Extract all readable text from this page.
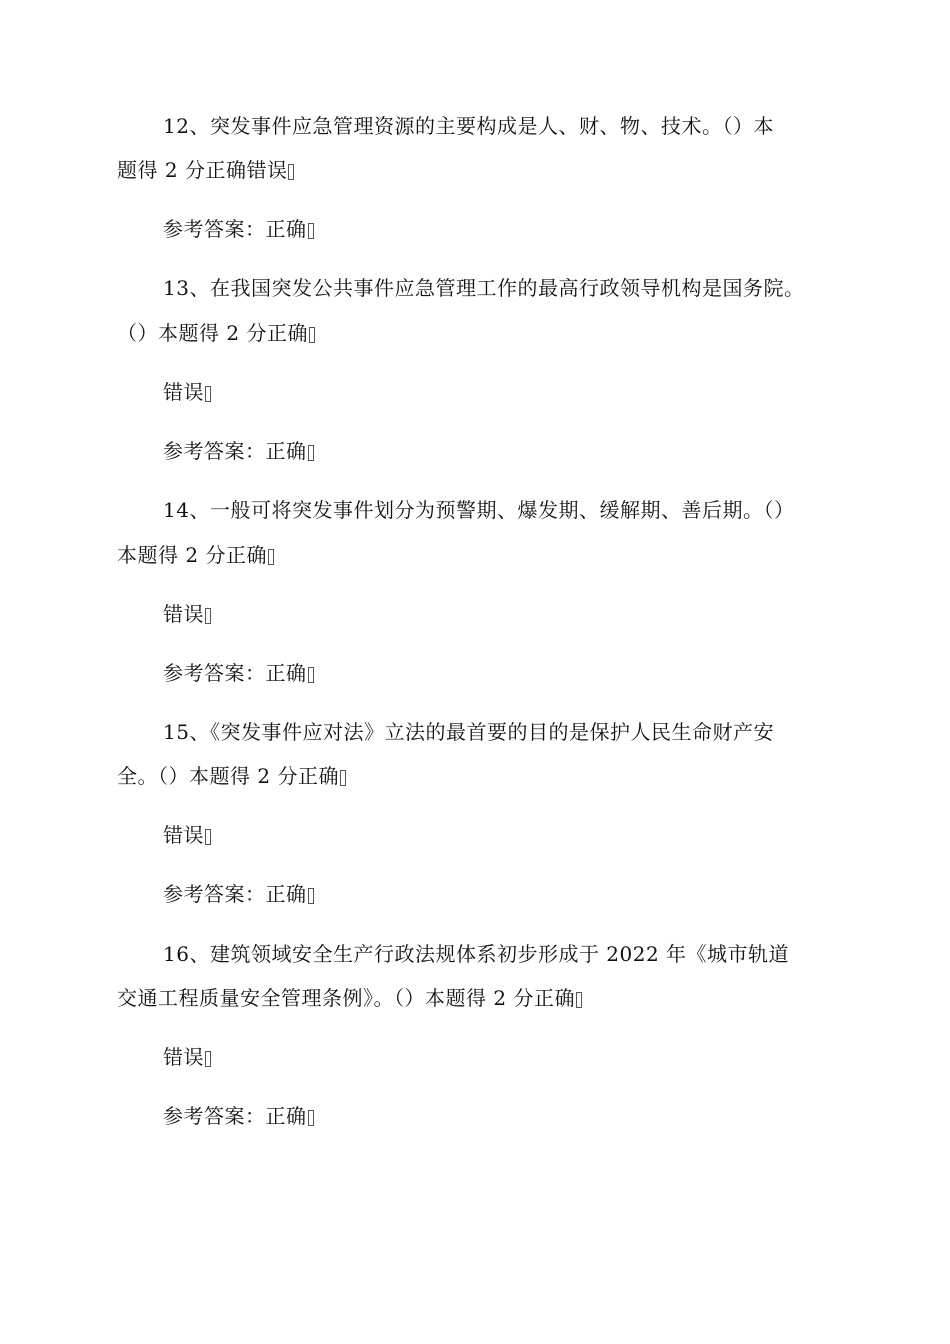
12、突发事件应急管理资源的主要构成是人、财、物、技术。（）本
题得 2 分正确错误
参考答案：正确
13、在我国突发公共事件应急管理工作的最高行政领导机构是国务院。
（）本题得 2 分正确
错误
参考答案：正确
14、一般可将突发事件划分为预警期、爆发期、缓解期、善后期。（）
本题得 2 分正确
错误
参考答案：正确
15、《突发事件应对法》立法的最首要的目的是保护人民生命财产安
全。（）本题得 2 分正确
错误
参考答案：正确
16、建筑领域安全生产行政法规体系初步形成于 2022 年《城市轨道
交通工程质量安全管理条例》。（）本题得 2 分正确
错误
参考答案：正确
